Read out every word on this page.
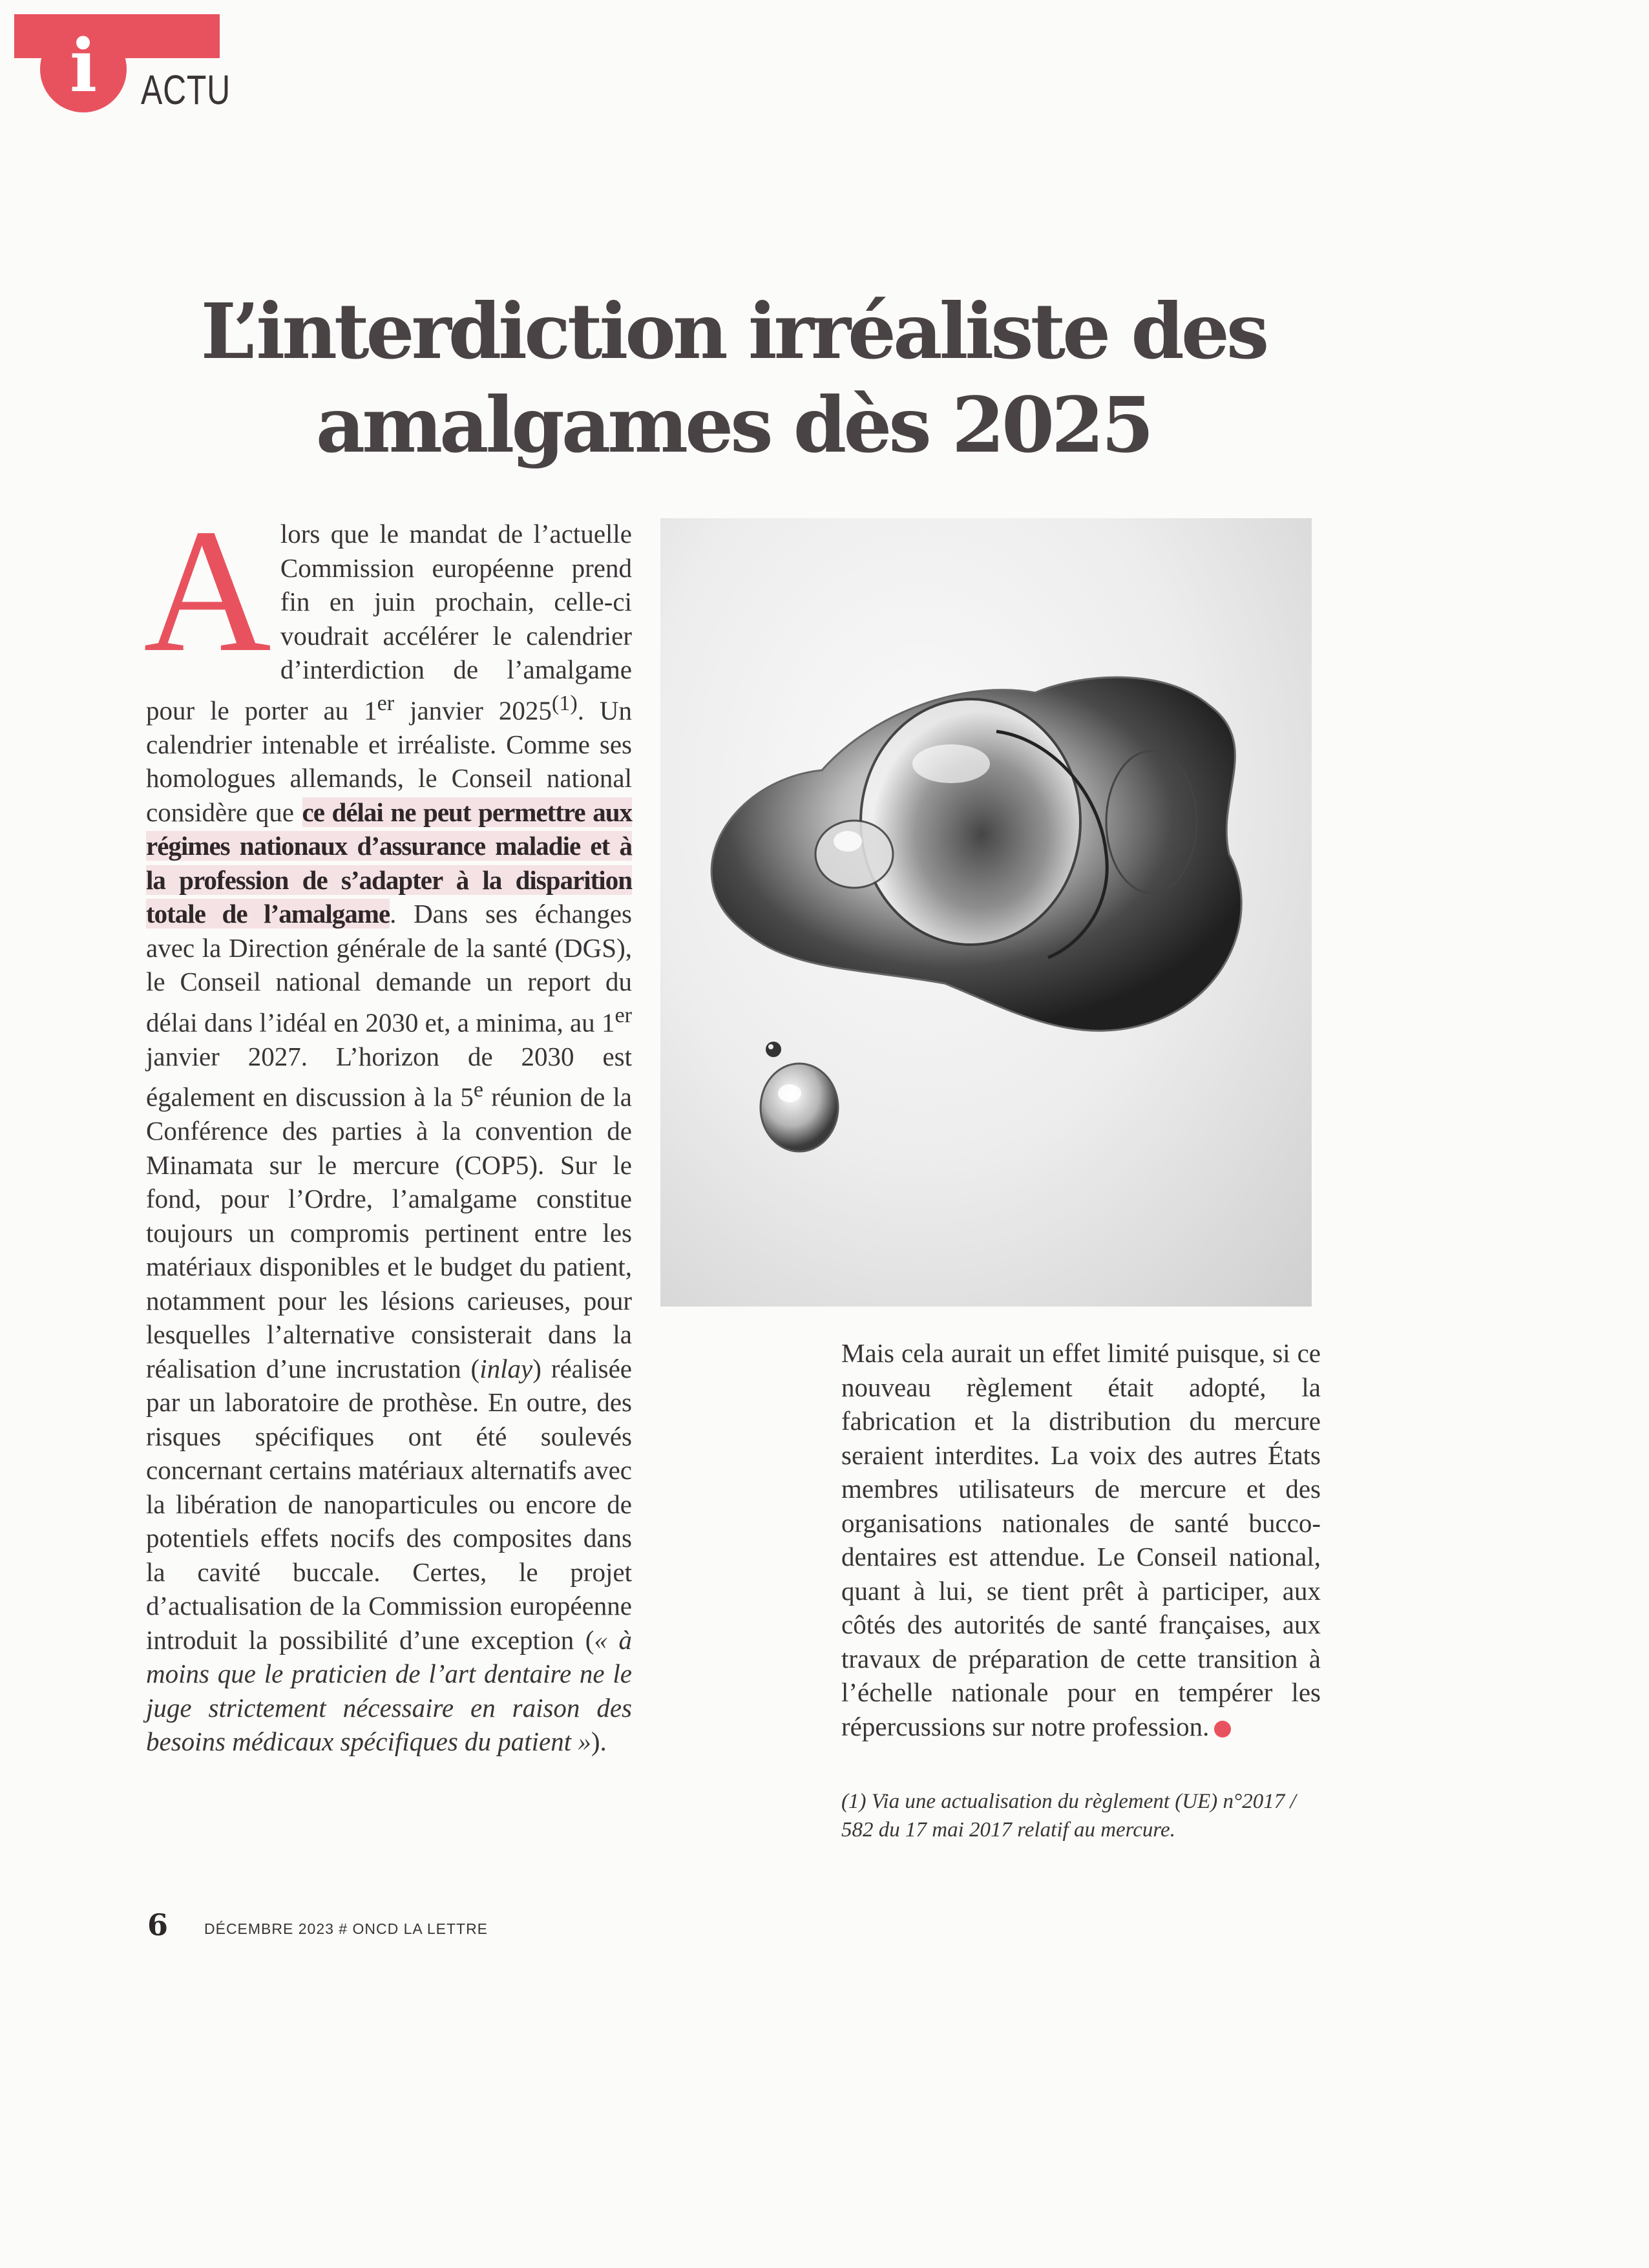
i	ACTU
L’interdiction irréaliste des
amalgames dès 2025

Alors que le mandat de l’actuelle Commission européenne prend fin en juin prochain, celle-ci voudrait accélérer le calendrier d’interdiction de l’amalgame pour le porter au 1er janvier 2025$^{(1)}$. Un calendrier intenable et irréaliste. Comme ses homologues allemands, le Conseil national considère que ce délai ne peut permettre aux régimes nationaux d’assurance maladie et à la profession de s’adapter à la disparition totale de l’amalgame. Dans ses échanges avec la Direction générale de la santé (DGS), le Conseil national demande un report du délai dans l’idéal en 2030 et, a minima, au 1er janvier 2027. L’horizon de 2030 est également en discussion à la 5e réunion de la Conférence des parties à la convention de Minamata sur le mercure (COP5). Sur le fond, pour l’Ordre, l’amalgame constitue toujours un compromis pertinent entre les matériaux disponibles et le budget du patient, notamment pour les lésions carieuses, pour lesquelles l’alternative consisterait dans la réalisation d’une incrustation (inlay) réalisée par un laboratoire de prothèse. En outre, des risques spécifiques ont été soulevés concernant certains matériaux alternatifs avec la libération de nanoparticules ou encore de potentiels effets nocifs des composites dans la cavité buccale. Certes, le projet d’actualisation de la Commission européenne introduit la possibilité d’une exception (« à moins que le praticien de l’art dentaire ne le juge strictement nécessaire en raison des besoins médicaux spécifiques du patient »).

Mais cela aurait un effet limité puisque, si ce nouveau règlement était adopté, la fabrication et la distribution du mercure seraient interdites. La voix des autres États membres utilisateurs de mercure et des organisations nationales de santé bucco-dentaires est attendue. Le Conseil national, quant à lui, se tient prêt à participer, aux côtés des autorités de santé françaises, aux travaux de préparation de cette transition à l’échelle nationale pour en tempérer les répercussions sur notre profession.

(1) Via une actualisation du règlement (UE) n°2017 / 582 du 17 mai 2017 relatif au mercure.
6 DÉCEMBRE 2023 # ONCD LA LETTRE
